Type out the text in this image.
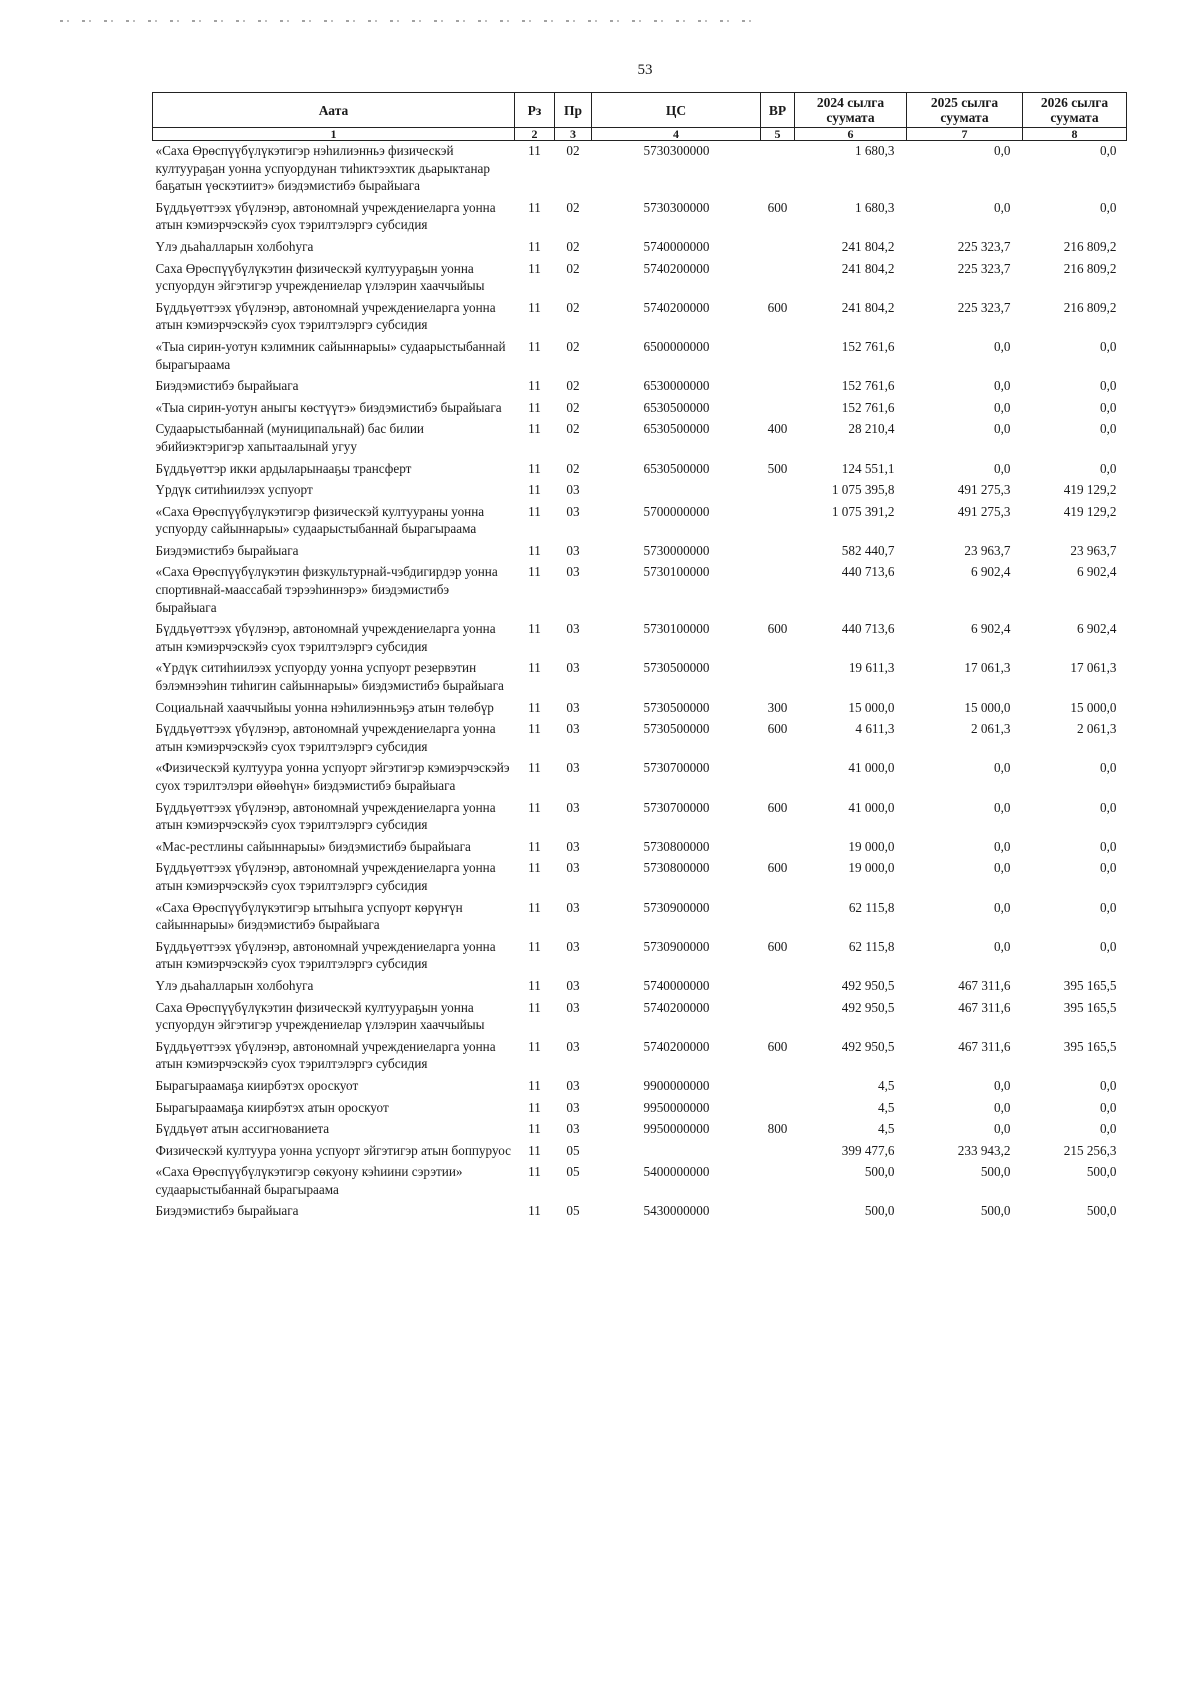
53
Аата	Рз	Пр	ЦС	ВР	2024 сылга суумата	2025 сылга суумата	2026 сылга суумата
1	2	3	4	5	6	7	8
«Саха Өрөспүүбүлүкэтигэр нэһилиэнньэ физическэй култуураҕан уонна успуордунан тиһиктээхтик дьарыктанар баҕатын үөскэтиитэ» биэдэмистибэ бырайыага	11	02	5730300000		1 680,3	0,0	0,0
Бүддьүөттээх үбүлэнэр, автономнай учреждениеларга уонна атын кэмиэрчэскэйэ суох тэрилтэлэргэ субсидия	11	02	5730300000	600	1 680,3	0,0	0,0
Үлэ дьаһалларын холбоһуга	11	02	5740000000		241 804,2	225 323,7	216 809,2
Саха Өрөспүүбүлүкэтин физическэй култуураҕын уонна успуордун эйгэтигэр учреждениелар үлэлэрин хааччыйыы	11	02	5740200000		241 804,2	225 323,7	216 809,2
Бүддьүөттээх үбүлэнэр, автономнай учреждениеларга уонна атын кэмиэрчэскэйэ суох тэрилтэлэргэ субсидия	11	02	5740200000	600	241 804,2	225 323,7	216 809,2
«Тыа сирин-уотун кэлимник сайыннарыы» судаарыстыбаннай бырагыраама	11	02	6500000000		152 761,6	0,0	0,0
Биэдэмистибэ бырайыага	11	02	6530000000		152 761,6	0,0	0,0
«Тыа сирин-уотун аныгы көстүүтэ» биэдэмистибэ бырайыага	11	02	6530500000		152 761,6	0,0	0,0
Судаарыстыбаннай (муниципальнай) бас билии эбийиэктэригэр хапытаалынай угуу	11	02	6530500000	400	28 210,4	0,0	0,0
Бүддьүөттэр икки ардыларынааҕы трансферт	11	02	6530500000	500	124 551,1	0,0	0,0
Үрдүк ситиһиилээх успуорт	11	03			1 075 395,8	491 275,3	419 129,2
«Саха Өрөспүүбүлүкэтигэр физическэй култуураны уонна успуорду сайыннарыы» судаарыстыбаннай бырагыраама	11	03	5700000000		1 075 391,2	491 275,3	419 129,2
Биэдэмистибэ бырайыага	11	03	5730000000		582 440,7	23 963,7	23 963,7
«Саха Өрөспүүбүлүкэтин физкультурнай-чэбдигирдэр уонна спортивнай-маассабай тэрээһиннэрэ» биэдэмистибэ бырайыага	11	03	5730100000		440 713,6	6 902,4	6 902,4
Бүддьүөттээх үбүлэнэр, автономнай учреждениеларга уонна атын кэмиэрчэскэйэ суох тэрилтэлэргэ субсидия	11	03	5730100000	600	440 713,6	6 902,4	6 902,4
«Үрдүк ситиһиилээх успуорду уонна успуорт резервэтин бэлэмнээһин тиһигин сайыннарыы» биэдэмистибэ бырайыага	11	03	5730500000		19 611,3	17 061,3	17 061,3
Социальнай хааччыйыы уонна нэһилиэнньэҕэ атын төлөбүр	11	03	5730500000	300	15 000,0	15 000,0	15 000,0
Бүддьүөттээх үбүлэнэр, автономнай учреждениеларга уонна атын кэмиэрчэскэйэ суох тэрилтэлэргэ субсидия	11	03	5730500000	600	4 611,3	2 061,3	2 061,3
«Физическэй култуура уонна успуорт эйгэтигэр кэмиэрчэскэйэ суох тэрилтэлэри өйөөһүн» биэдэмистибэ бырайыага	11	03	5730700000		41 000,0	0,0	0,0
Бүддьүөттээх үбүлэнэр, автономнай учреждениеларга уонна атын кэмиэрчэскэйэ суох тэрилтэлэргэ субсидия	11	03	5730700000	600	41 000,0	0,0	0,0
«Мас-рестлины сайыннарыы» биэдэмистибэ бырайыага	11	03	5730800000		19 000,0	0,0	0,0
Бүддьүөттээх үбүлэнэр, автономнай учреждениеларга уонна атын кэмиэрчэскэйэ суох тэрилтэлэргэ субсидия	11	03	5730800000	600	19 000,0	0,0	0,0
«Саха Өрөспүүбүлүкэтигэр ытыһыга успуорт көрүҥүн сайыннарыы» биэдэмистибэ бырайыага	11	03	5730900000		62 115,8	0,0	0,0
Бүддьүөттээх үбүлэнэр, автономнай учреждениеларга уонна атын кэмиэрчэскэйэ суох тэрилтэлэргэ субсидия	11	03	5730900000	600	62 115,8	0,0	0,0
Үлэ дьаһалларын холбоһуга	11	03	5740000000		492 950,5	467 311,6	395 165,5
Саха Өрөспүүбүлүкэтин физическэй култуураҕын уонна успуордун эйгэтигэр учреждениелар үлэлэрин хааччыйыы	11	03	5740200000		492 950,5	467 311,6	395 165,5
Бүддьүөттээх үбүлэнэр, автономнай учреждениеларга уонна атын кэмиэрчэскэйэ суох тэрилтэлэргэ субсидия	11	03	5740200000	600	492 950,5	467 311,6	395 165,5
Бырагыраамаҕа киирбэтэх ороскуот	11	03	9900000000		4,5	0,0	0,0
Бырагыраамаҕа киирбэтэх атын ороскуот	11	03	9950000000		4,5	0,0	0,0
Бүддьүөт атын ассигнованиета	11	03	9950000000	800	4,5	0,0	0,0
Физическэй култуура уонна успуорт эйгэтигэр атын боппуруос	11	05			399 477,6	233 943,2	215 256,3
«Саха Өрөспүүбүлүкэтигэр сөкуону кэһиини сэрэтии» судаарыстыбаннай бырагыраама	11	05	5400000000		500,0	500,0	500,0
Биэдэмистибэ бырайыага	11	05	5430000000		500,0	500,0	500,0
